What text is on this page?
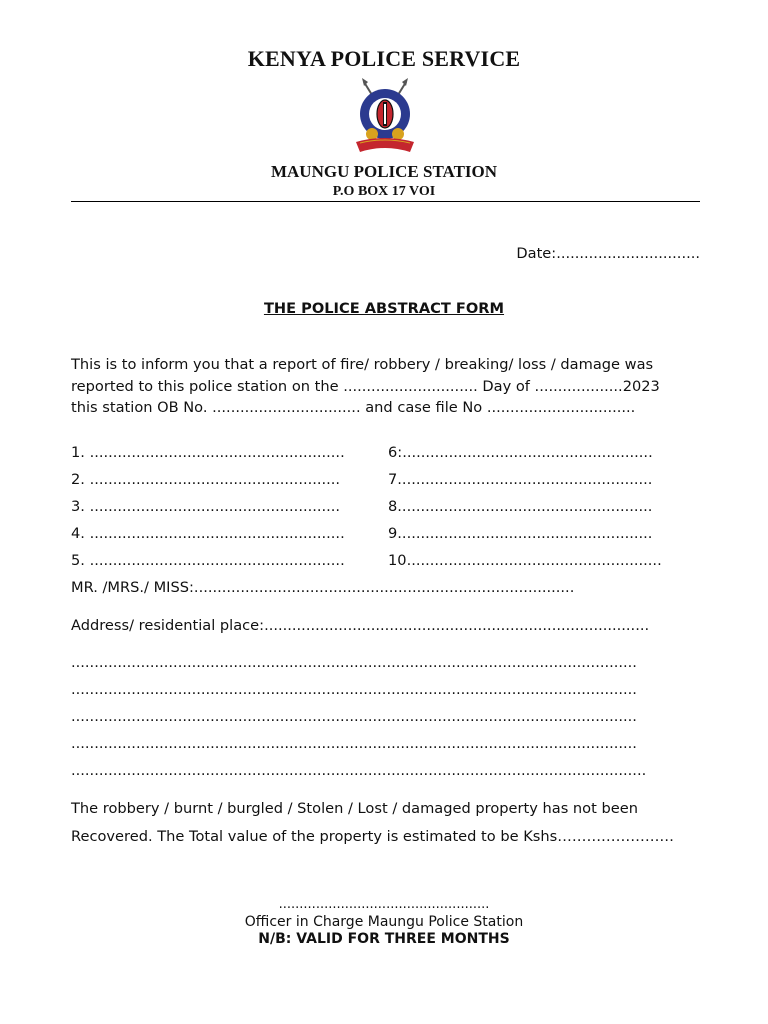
KENYA POLICE SERVICE
MAUNGU POLICE STATION
P.O BOX 17 VOI
Date:...............................
THE POLICE ABSTRACT FORM
This is to inform you that a report of fire/ robbery / breaking/ loss / damage was
reported to this police station on the ............................. Day of ...................2023
this station OB No. ................................ and case file No ................................
1. .......................................................
2. ......................................................
3. ......................................................
4. .......................................................
5. .......................................................
6:......................................................
7.......................................................
8.......................................................
9.......................................................
10.......................................................
MR. /MRS./ MISS:..................................................................................
Address/ residential place:...................................................................................
..........................................................................................................................
..........................................................................................................................
..........................................................................................................................
..........................................................................................................................
............................................................................................................................
The robbery / burnt / burgled / Stolen / Lost / damaged property has not been
Recovered. The Total value of the property is estimated to be Kshs……………………
...................................................
Officer in Charge Maungu Police Station
N/B: VALID FOR THREE MONTHS
